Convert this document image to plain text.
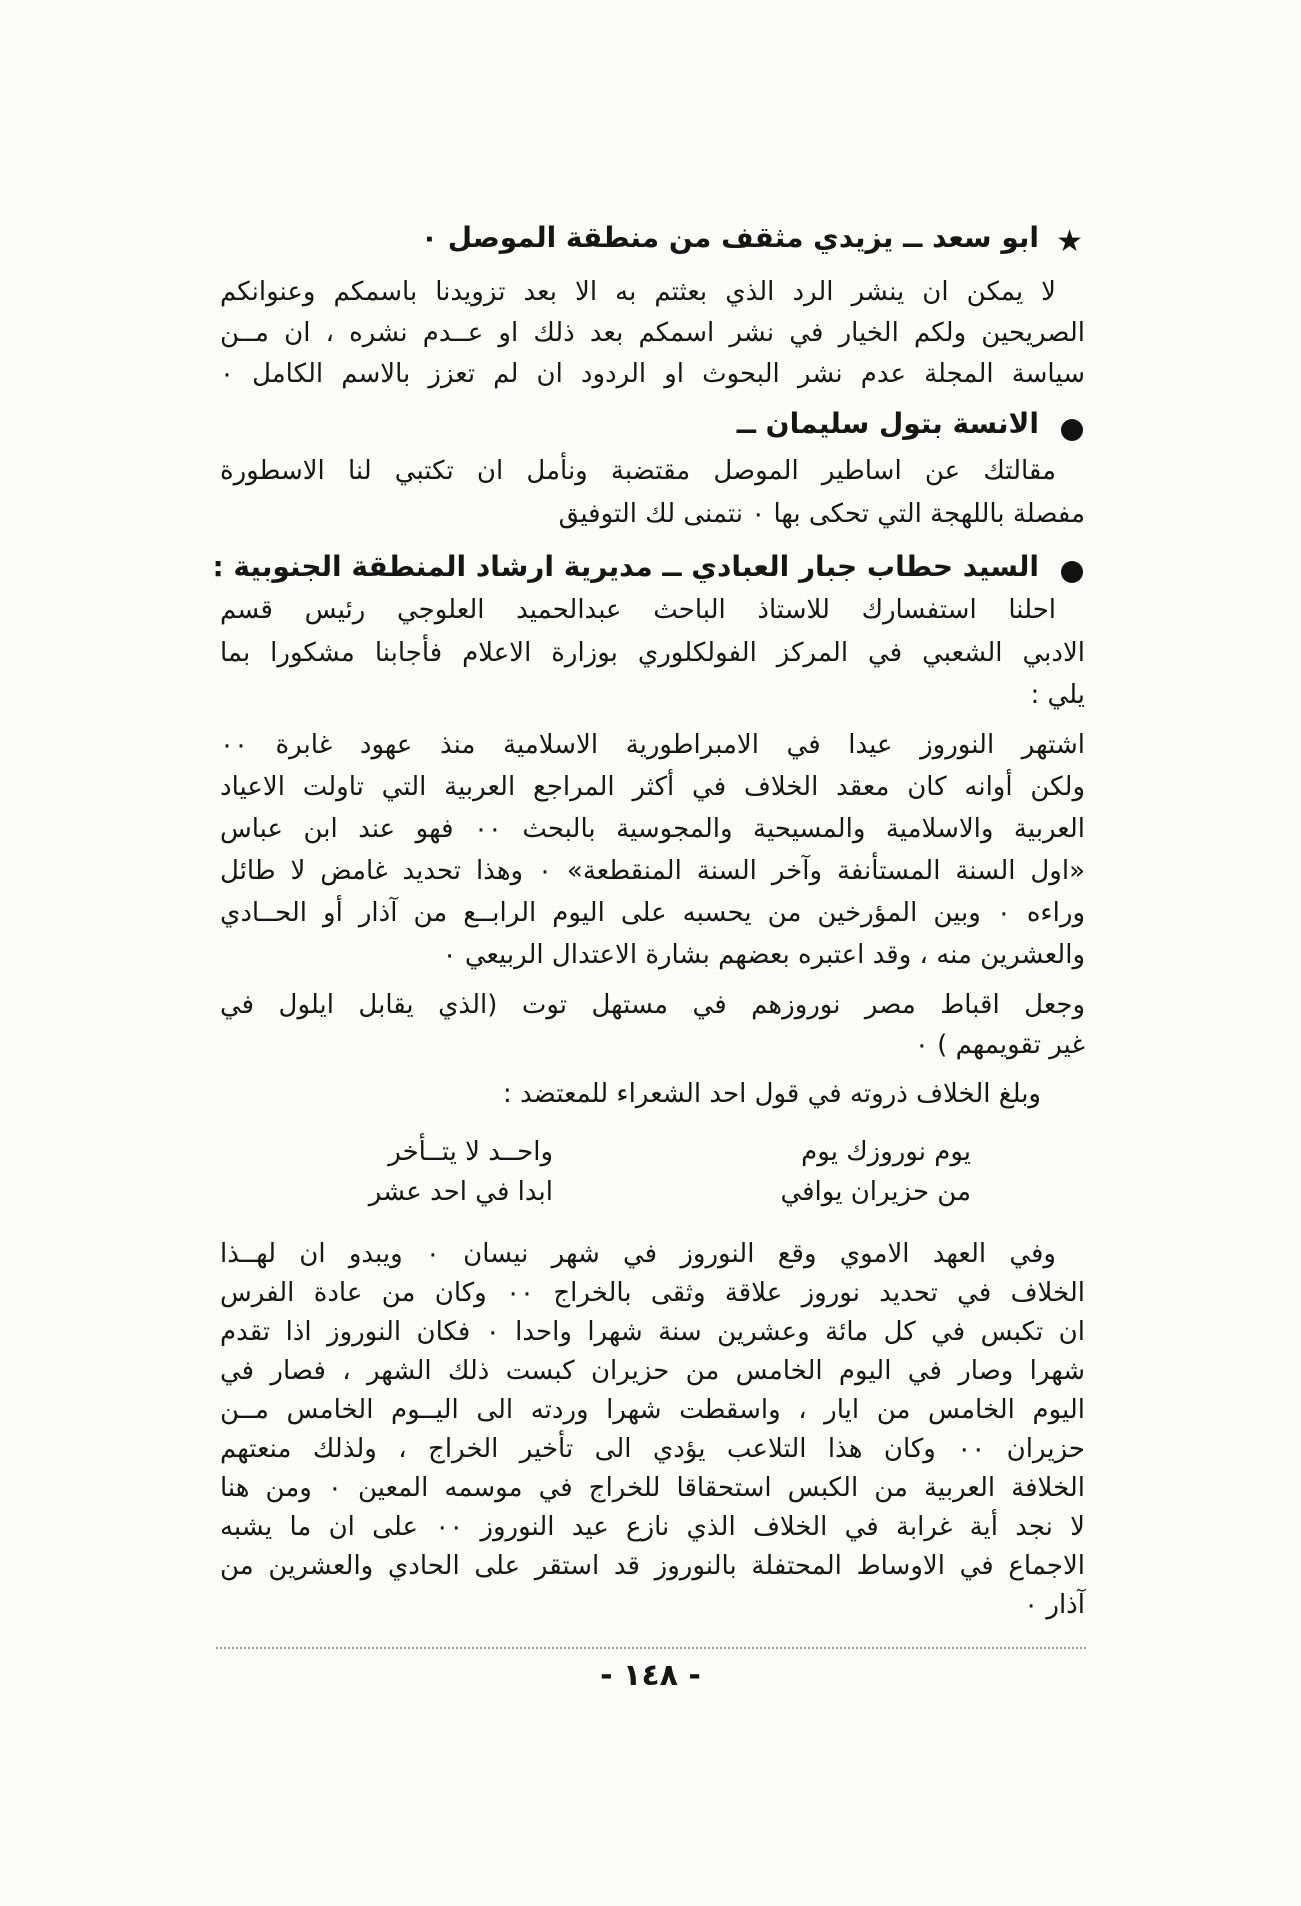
★
ابو سعد ــ يزيدي مثقف من منطقة الموصل ٠
لا يمكن ان ينشر الرد الذي بعثتم به الا بعد تزويدنا باسمكم وعنوانكم
الصريحين ولكم الخيار في نشر اسمكم بعد ذلك او عــدم نشره ، ان مــن
سياسة المجلة عدم نشر البحوث او الردود ان لم تعزز بالاسم الكامل ٠
الانسة بتول سليمان ــ
مقالتك عن اساطير الموصل مقتضبة ونأمل ان تكتبي لنا الاسطورة
مفصلة باللهجة التي تحكى بها ٠ نتمنى لك التوفيق
السيد حطاب جبار العبادي ــ مديرية ارشاد المنطقة الجنوبية :
احلنا استفسارك للاستاذ الباحث عبدالحميد العلوجي رئيس قسم
الادبي الشعبي في المركز الفولكلوري بوزارة الاعلام فأجابنا مشكورا بما
يلي :
اشتهر النوروز عيدا في الامبراطورية الاسلامية منذ عهود غابرة ٠٠
ولكن أوانه كان معقد الخلاف في أكثر المراجع العربية التي تاولت الاعياد
العربية والاسلامية والمسيحية والمجوسية بالبحث ٠٠ فهو عند ابن عباس
«اول السنة المستأنفة وآخر السنة المنقطعة» ٠ وهذا تحديد غامض لا طائل
وراءه ٠ وبين المؤرخين من يحسبه على اليوم الرابــع من آذار أو الحــادي
والعشرين منه ، وقد اعتبره بعضهم بشارة الاعتدال الربيعي ٠
وجعل اقباط مصر نوروزهم في مستهل توت (الذي يقابل ايلول في
غير تقويمهم ) ٠
وبلغ الخلاف ذروته في قول احد الشعراء للمعتضد :
يوم نوروزك يوم
واحــد لا يتــأخر
من حزيران يوافي
ابدا في احد عشر
وفي العهد الاموي وقع النوروز في شهر نيسان ٠ ويبدو ان لهــذا
الخلاف في تحديد نوروز علاقة وثقى بالخراج ٠٠ وكان من عادة الفرس
ان تكبس في كل مائة وعشرين سنة شهرا واحدا ٠ فكان النوروز اذا تقدم
شهرا وصار في اليوم الخامس من حزيران كبست ذلك الشهر ، فصار في
اليوم الخامس من ايار ، واسقطت شهرا وردته الى اليــوم الخامس مــن
حزيران ٠٠ وكان هذا التلاعب يؤدي الى تأخير الخراج ، ولذلك منعتهم
الخلافة العربية من الكبس استحقاقا للخراج في موسمه المعين ٠ ومن هنا
لا نجد أية غرابة في الخلاف الذي نازع عيد النوروز ٠٠ على ان ما يشبه
الاجماع في الاوساط المحتفلة بالنوروز قد استقر على الحادي والعشرين من
آذار ٠
- ١٤٨ -
